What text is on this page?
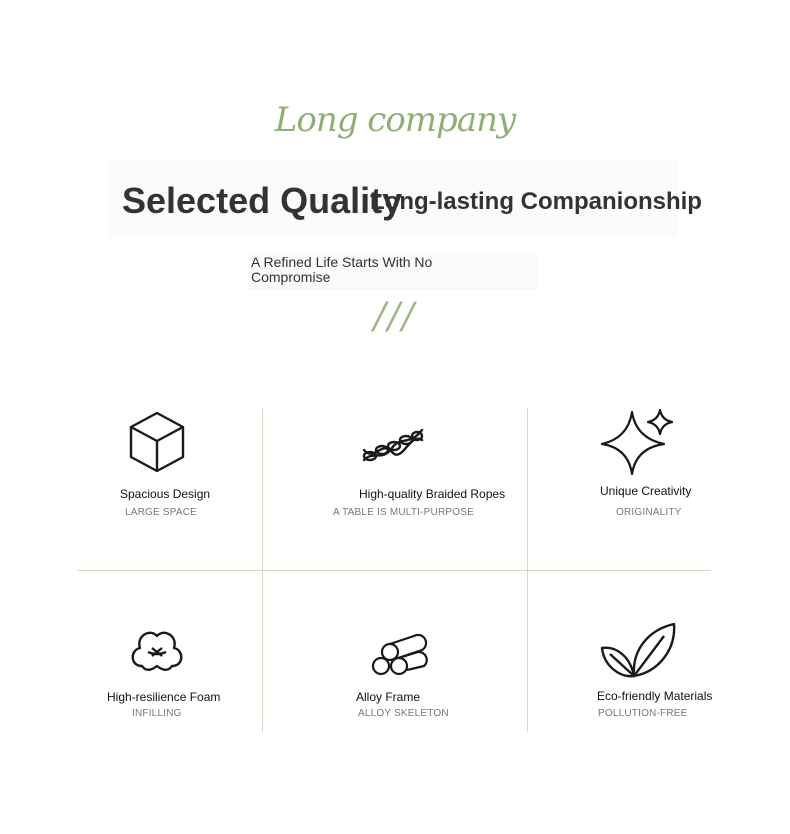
Long company
Selected Quality
Long-lasting Companionship
A Refined Life Starts With No Compromise
///
Spacious Design
LARGE SPACE
High-quality Braided Ropes
A TABLE IS MULTI-PURPOSE
Unique Creativity
ORIGINALITY
High-resilience Foam
INFILLING
Alloy Frame
ALLOY SKELETON
Eco-friendly Materials
POLLUTION-FREE
